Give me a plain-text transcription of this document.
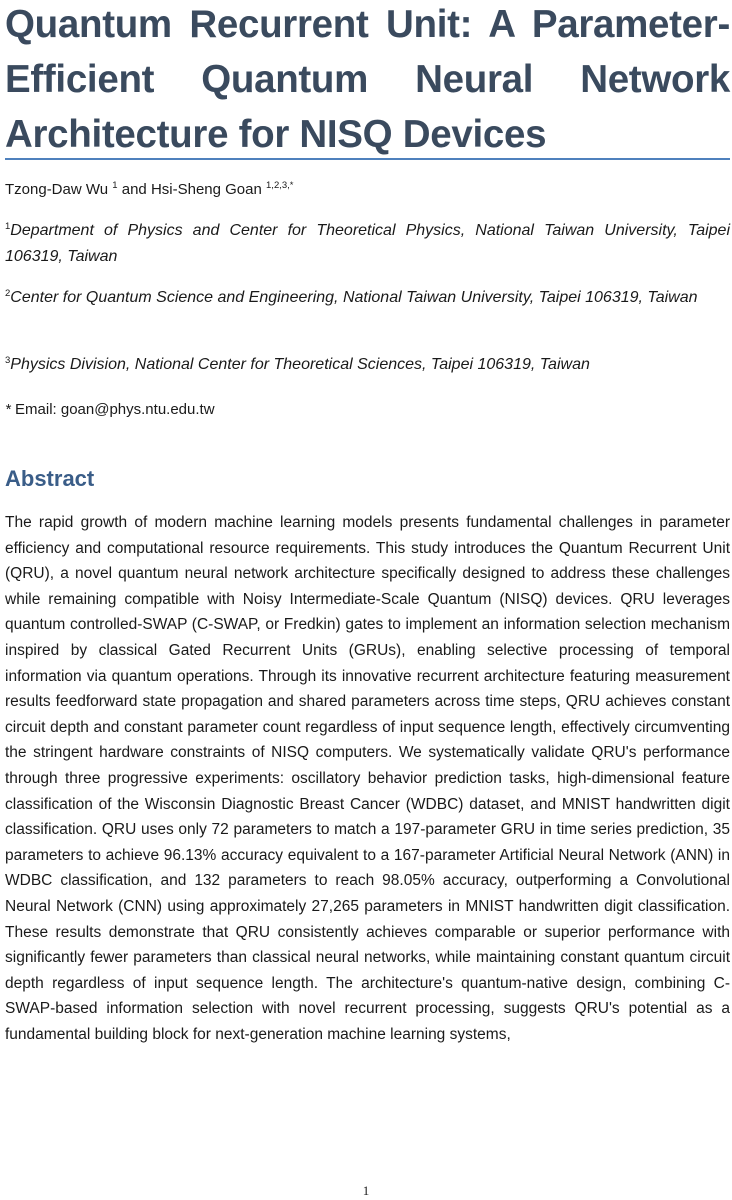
Quantum Recurrent Unit: A Parameter-Efficient Quantum Neural Network Architecture for NISQ Devices
Tzong-Daw Wu $^1$ and Hsi-Sheng Goan $^{1,2,3,*}$

$^1$Department of Physics and Center for Theoretical Physics, National Taiwan University, Taipei 106319, Taiwan

$^2$Center for Quantum Science and Engineering, National Taiwan University, Taipei 106319, Taiwan

$^3$Physics Division, National Center for Theoretical Sciences, Taipei 106319, Taiwan

* Email: goan@phys.ntu.edu.tw
Abstract

The rapid growth of modern machine learning models presents fundamental challenges in parameter efficiency and computational resource requirements. This study introduces the Quantum Recurrent Unit (QRU), a novel quantum neural network architecture specifically designed to address these challenges while remaining compatible with Noisy Intermediate-Scale Quantum (NISQ) devices. QRU leverages quantum controlled-SWAP (C-SWAP, or Fredkin) gates to implement an information selection mechanism inspired by classical Gated Recurrent Units (GRUs), enabling selective processing of temporal information via quantum operations. Through its innovative recurrent architecture featuring measurement results feedforward state propagation and shared parameters across time steps, QRU achieves constant circuit depth and constant parameter count regardless of input sequence length, effectively circumventing the stringent hardware constraints of NISQ computers. We systematically validate QRU's performance through three progressive experiments: oscillatory behavior prediction tasks, high-dimensional feature classification of the Wisconsin Diagnostic Breast Cancer (WDBC) dataset, and MNIST handwritten digit classification. QRU uses only 72 parameters to match a 197-parameter GRU in time series prediction, 35 parameters to achieve 96.13% accuracy equivalent to a 167-parameter Artificial Neural Network (ANN) in WDBC classification, and 132 parameters to reach 98.05% accuracy, outperforming a Convolutional Neural Network (CNN) using approximately 27,265 parameters in MNIST handwritten digit classification. These results demonstrate that QRU consistently achieves comparable or superior performance with significantly fewer parameters than classical neural networks, while maintaining constant quantum circuit depth regardless of input sequence length. The architecture's quantum-native design, combining C-SWAP-based information selection with novel recurrent processing, suggests QRU's potential as a fundamental building block for next-generation machine learning systems,

1
